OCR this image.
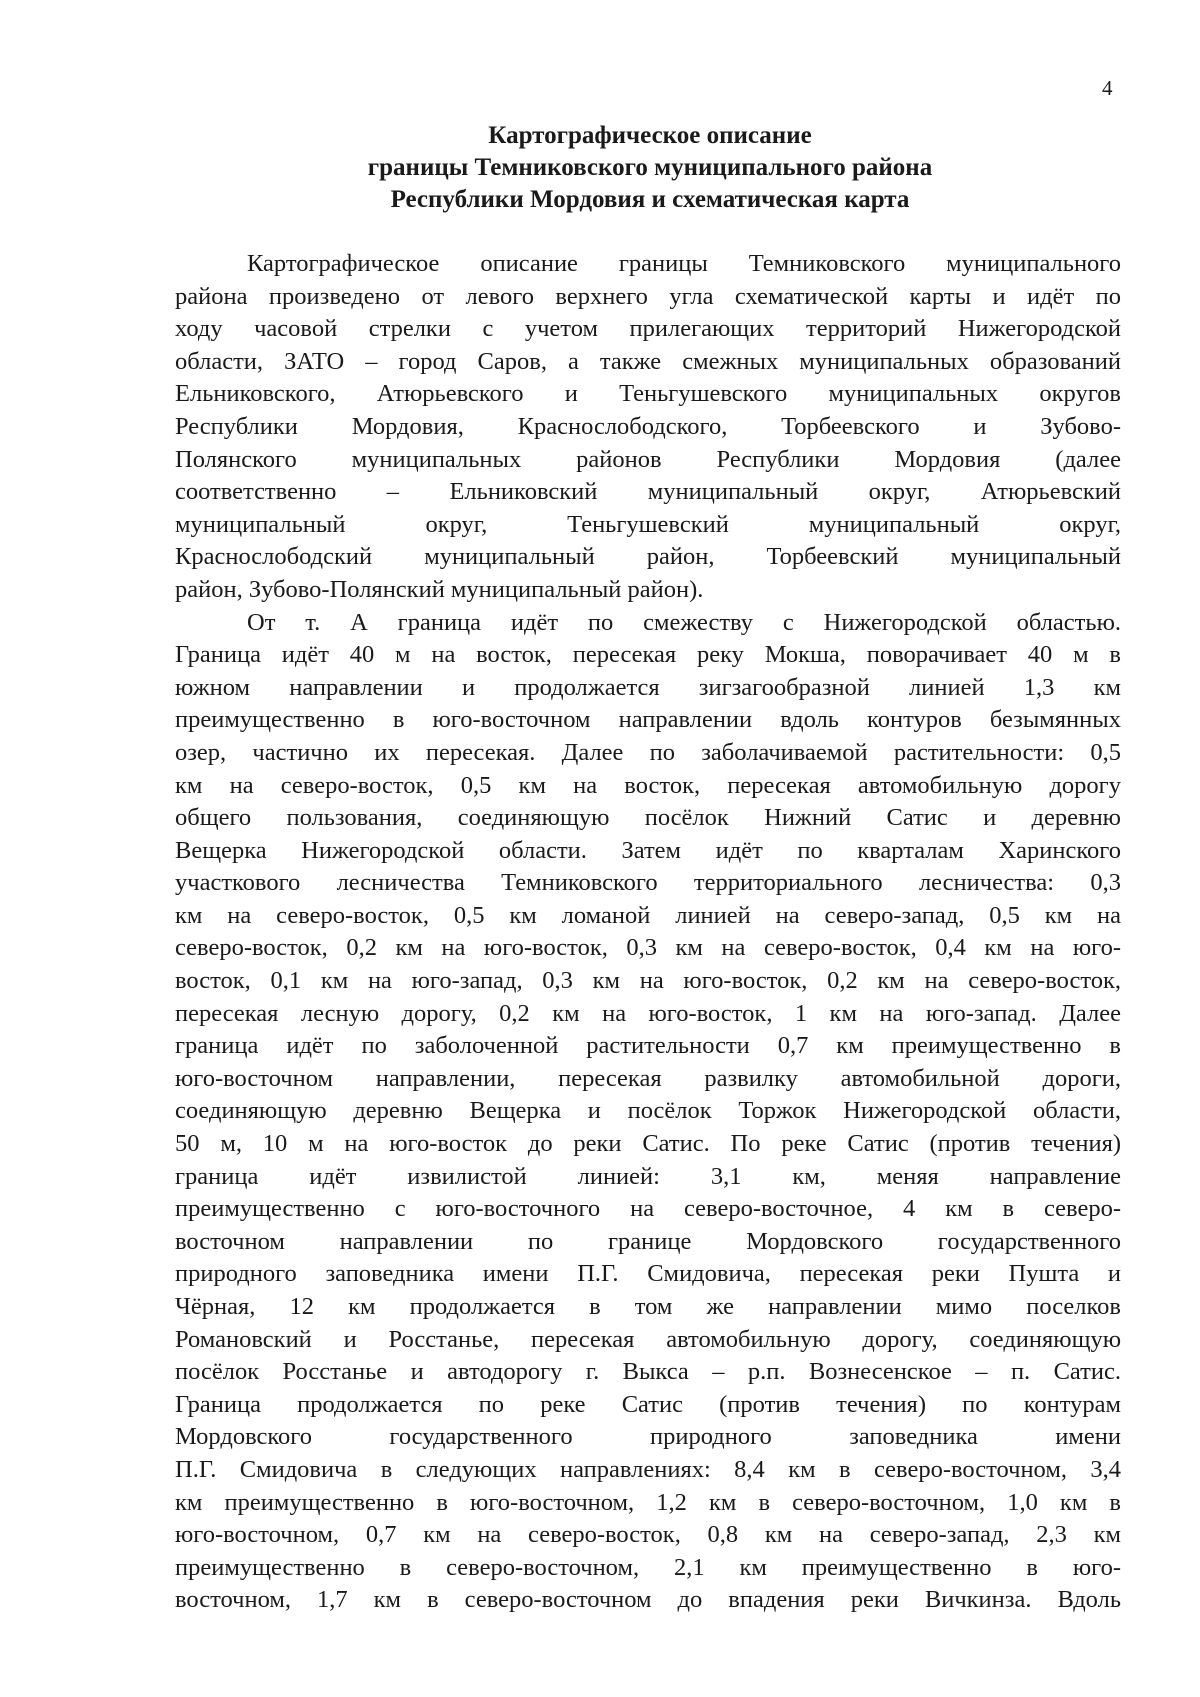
4
Картографическое описание
границы Темниковского муниципального района
Республики Мордовия и схематическая карта
Картографическое описание границы Темниковского муниципального
района произведено от левого верхнего угла схематической карты и идёт по
ходу часовой стрелки с учетом прилегающих территорий Нижегородской
области, ЗАТО – город Саров, а также смежных муниципальных образований
Ельниковского, Атюрьевского и Теньгушевского муниципальных округов
Республики Мордовия, Краснослободского, Торбеевского и Зубово-
Полянского муниципальных районов Республики Мордовия (далее
соответственно – Ельниковский муниципальный округ, Атюрьевский
муниципальный округ, Теньгушевский муниципальный округ,
Краснослободский муниципальный район, Торбеевский муниципальный
район, Зубово-Полянский муниципальный район).
От т. А граница идёт по смежеству с Нижегородской областью.
Граница идёт 40 м на восток, пересекая реку Мокша, поворачивает 40 м в
южном направлении и продолжается зигзагообразной линией 1,3 км
преимущественно в юго-восточном направлении вдоль контуров безымянных
озер, частично их пересекая. Далее по заболачиваемой растительности: 0,5
км на северо-восток, 0,5 км на восток, пересекая автомобильную дорогу
общего пользования, соединяющую посёлок Нижний Сатис и деревню
Вещерка Нижегородской области. Затем идёт по кварталам Харинского
участкового лесничества Темниковского территориального лесничества: 0,3
км на северо-восток, 0,5 км ломаной линией на северо-запад, 0,5 км на
северо-восток, 0,2 км на юго-восток, 0,3 км на северо-восток, 0,4 км на юго-
восток, 0,1 км на юго-запад, 0,3 км на юго-восток, 0,2 км на северо-восток,
пересекая лесную дорогу, 0,2 км на юго-восток, 1 км на юго-запад. Далее
граница идёт по заболоченной растительности 0,7 км преимущественно в
юго-восточном направлении, пересекая развилку автомобильной дороги,
соединяющую деревню Вещерка и посёлок Торжок Нижегородской области,
50 м, 10 м на юго-восток до реки Сатис. По реке Сатис (против течения)
граница идёт извилистой линией: 3,1 км, меняя направление
преимущественно с юго-восточного на северо-восточное, 4 км в северо-
восточном направлении по границе Мордовского государственного
природного заповедника имени П.Г. Смидовича, пересекая реки Пушта и
Чёрная, 12 км продолжается в том же направлении мимо поселков
Романовский и Росстанье, пересекая автомобильную дорогу, соединяющую
посёлок Росстанье и автодорогу г. Выкса – р.п. Вознесенское – п. Сатис.
Граница продолжается по реке Сатис (против течения) по контурам
Мордовского государственного природного заповедника имени
П.Г. Смидовича в следующих направлениях: 8,4 км в северо-восточном, 3,4
км преимущественно в юго-восточном, 1,2 км в северо-восточном, 1,0 км в
юго-восточном, 0,7 км на северо-восток, 0,8 км на северо-запад, 2,3 км
преимущественно в северо-восточном, 2,1 км преимущественно в юго-
восточном, 1,7 км в северо-восточном до впадения реки Вичкинза. Вдоль
